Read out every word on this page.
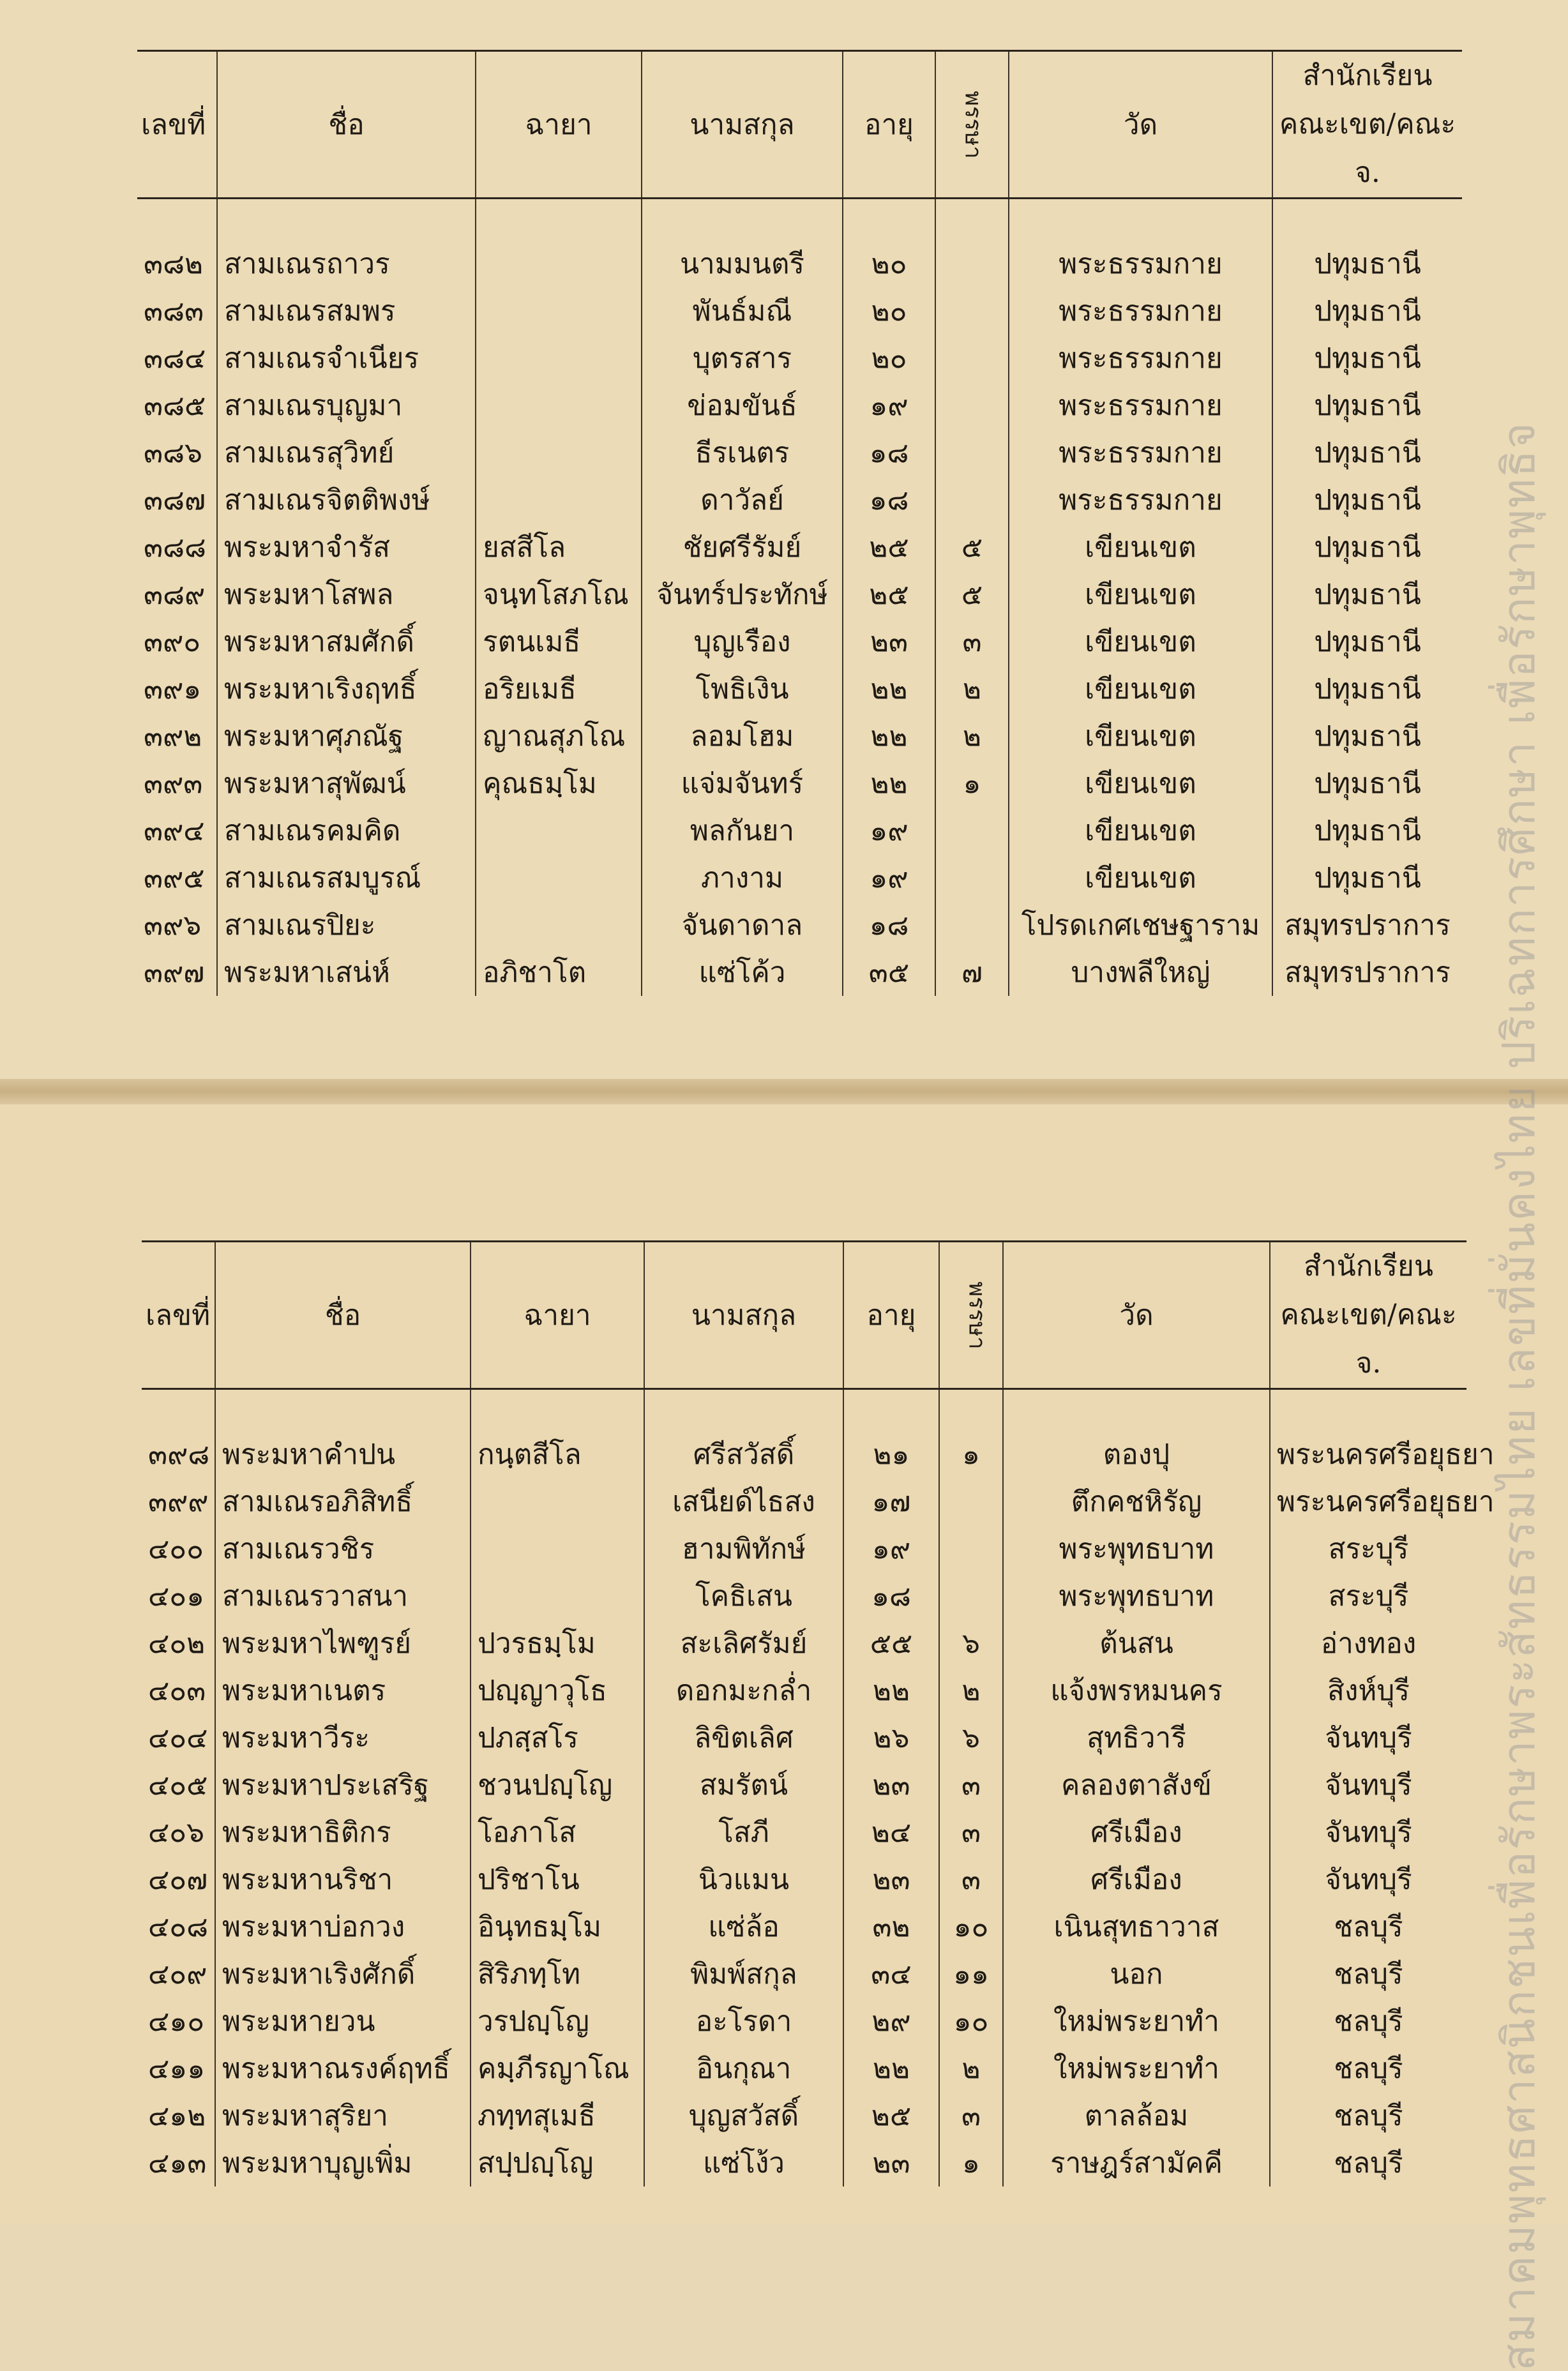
เลขที่	ชื่อ	ฉายา	นามสกุล	อายุ	พรรษา	วัด	สำนักเรียน
คณะเขต/คณะ จ.

๓๘๒	สามเณรถาวร		นามมนตรี	๒๐		พระธรรมกาย	ปทุมธานี
๓๘๓	สามเณรสมพร		พันธ์มณี	๒๐		พระธรรมกาย	ปทุมธานี
๓๘๔	สามเณรจำเนียร		บุตรสาร	๒๐		พระธรรมกาย	ปทุมธานี
๓๘๕	สามเณรบุญมา		ข่อมขันธ์	๑๙		พระธรรมกาย	ปทุมธานี
๓๘๖	สามเณรสุวิทย์		ธีรเนตร	๑๘		พระธรรมกาย	ปทุมธานี
๓๘๗	สามเณรจิตติพงษ์		ดาวัลย์	๑๘		พระธรรมกาย	ปทุมธานี
๓๘๘	พระมหาจำรัส	ยสสีโล	ชัยศรีรัมย์	๒๕	๕	เขียนเขต	ปทุมธานี
๓๘๙	พระมหาโสพล	จนฺทโสภโณ	จันทร์ประทักษ์	๒๕	๕	เขียนเขต	ปทุมธานี
๓๙๐	พระมหาสมศักดิ์	รตนเมธี	บุญเรือง	๒๓	๓	เขียนเขต	ปทุมธานี
๓๙๑	พระมหาเริงฤทธิ์	อริยเมธี	โพธิเงิน	๒๒	๒	เขียนเขต	ปทุมธานี
๓๙๒	พระมหาศุภณัฐ	ญาณสุภโณ	ลอมโฮม	๒๒	๒	เขียนเขต	ปทุมธานี
๓๙๓	พระมหาสุพัฒน์	คุณธมฺโม	แจ่มจันทร์	๒๒	๑	เขียนเขต	ปทุมธานี
๓๙๔	สามเณรคมคิด		พลกันยา	๑๙		เขียนเขต	ปทุมธานี
๓๙๕	สามเณรสมบูรณ์		ภางาม	๑๙		เขียนเขต	ปทุมธานี
๓๙๖	สามเณรปิยะ		จันดาดาล	๑๘		โปรดเกศเชษฐาราม	สมุทรปราการ
๓๙๗	พระมหาเสน่ห์	อภิชาโต	แซ่โค้ว	๓๕	๗	บางพลีใหญ่	สมุทรปราการ
เลขที่	ชื่อ	ฉายา	นามสกุล	อายุ	พรรษา	วัด	สำนักเรียน
คณะเขต/คณะ จ.

๓๙๘	พระมหาคำปน	กนฺตสีโล	ศรีสวัสดิ์	๒๑	๑	ตองปุ	พระนครศรีอยุธยา
๓๙๙	สามเณรอภิสิทธิ์		เสนียด์ไธสง	๑๗		ตึกคชหิรัญ	พระนครศรีอยุธยา
๔๐๐	สามเณรวชิร		ฮามพิทักษ์	๑๙		พระพุทธบาท	สระบุรี
๔๐๑	สามเณรวาสนา		โคธิเสน	๑๘		พระพุทธบาท	สระบุรี
๔๐๒	พระมหาไพฑูรย์	ปวรธมฺโม	สะเลิศรัมย์	๕๕	๖	ต้นสน	อ่างทอง
๔๐๓	พระมหาเนตร	ปญฺญาวุโธ	ดอกมะกล่ำ	๒๒	๒	แจ้งพรหมนคร	สิงห์บุรี
๔๐๔	พระมหาวีระ	ปภสฺสโร	ลิขิตเลิศ	๒๖	๖	สุทธิวารี	จันทบุรี
๔๐๕	พระมหาประเสริฐ	ชวนปญฺโญ	สมรัตน์	๒๓	๓	คลองตาสังข์	จันทบุรี
๔๐๖	พระมหาธิติกร	โอภาโส	โสภี	๒๔	๓	ศรีเมือง	จันทบุรี
๔๐๗	พระมหานริชา	ปริชาโน	นิวแมน	๒๓	๓	ศรีเมือง	จันทบุรี
๔๐๘	พระมหาบ่อกวง	อินฺทธมฺโม	แซ่ล้อ	๓๒	๑๐	เนินสุทธาวาส	ชลบุรี
๔๐๙	พระมหาเริงศักดิ์	สิริภทฺโท	พิมพ์สกุล	๓๔	๑๑	นอก	ชลบุรี
๔๑๐	พระมหายวน	วรปญฺโญ	อะโรดา	๒๙	๑๐	ใหม่พระยาทำ	ชลบุรี
๔๑๑	พระมหาณรงค์ฤทธิ์	คมฺภีรญาโณ	อินกุณา	๒๒	๒	ใหม่พระยาทำ	ชลบุรี
๔๑๒	พระมหาสุริยา	ภทฺทสุเมธี	บุญสวัสดิ์	๒๕	๓	ตาลล้อม	ชลบุรี
๔๑๓	พระมหาบุญเพิ่ม	สปฺปญฺโญ	แซ่โง้ว	๒๓	๑	ราษฎร์สามัคคี	ชลบุรี สมาคมพุทธศาสนิกชนเพื่อรักษาพระสัทธรรมไทย เลขที่มั่นคงไทย ปริเฉทการศึกษา เพื่อรักษาพุทธิจ
